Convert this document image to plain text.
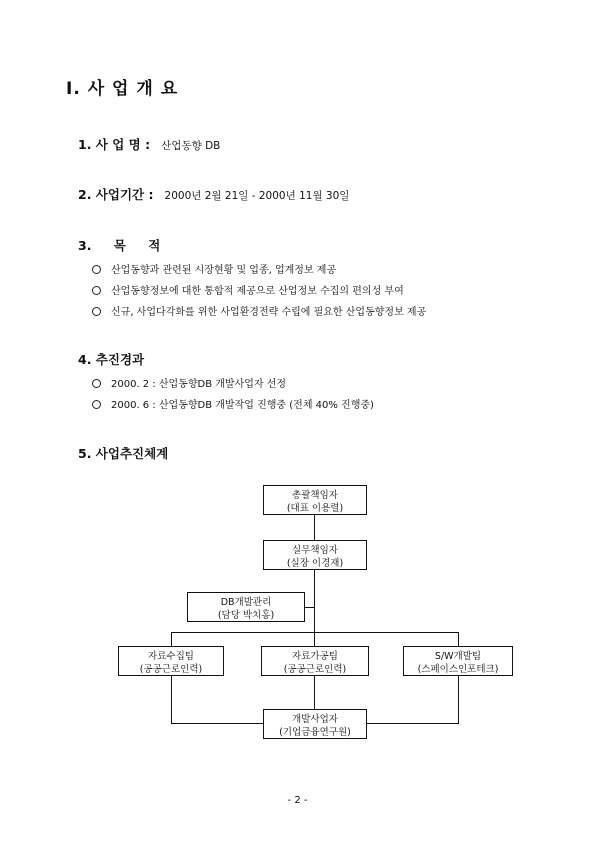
Ⅰ. 사 업 개 요
1. 사 업 명 : 산업동향 DB
2. 사업기간 : 2000년 2월 21일 - 2000년 11월 30일
3. 목 적
산업동향과 관련된 시장현황 및 업종, 업계정보 제공
산업동향정보에 대한 통합적 제공으로 산업정보 수집의 편의성 부여
신규, 사업다각화를 위한 사업환경전략 수립에 필요한 산업동향정보 제공
4. 추진경과
2000. 2 : 산업동향DB 개발사업자 선정
2000. 6 : 산업동향DB 개발작업 진행중 (전체 40% 진행중)
5. 사업추진체계
총괄책임자
(대표 이용렬)
실무책임자
(실장 이경재)
DB개발관리
(담당 박치홍)
자료수집팀
(공공근로인력)
자료가공팀
(공공근로인력)
S/W개발팀
(스페이스인포테크)
개발사업자
(기업금융연구원)
- 2 -
